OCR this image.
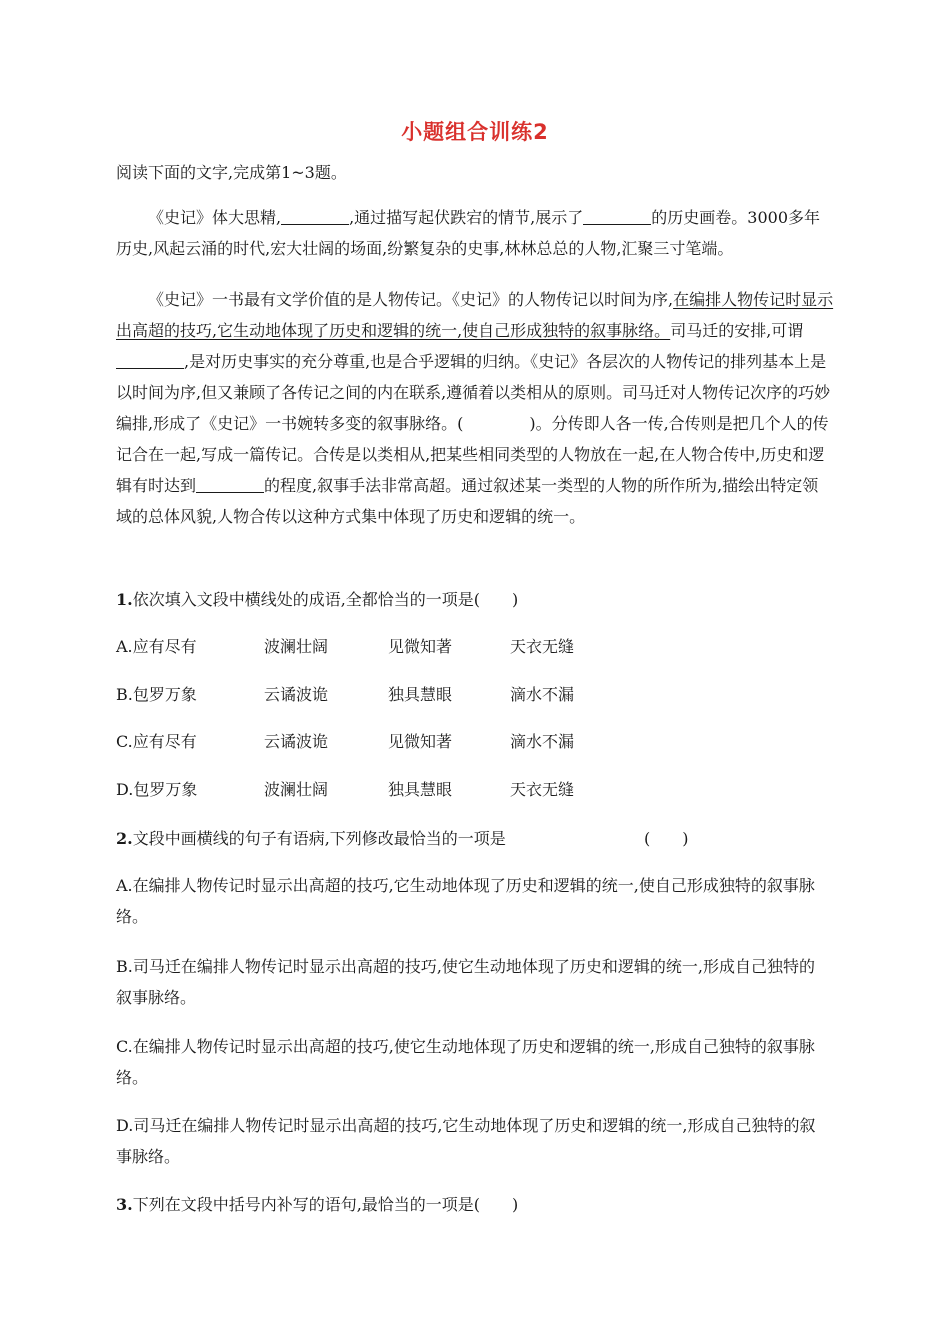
小题组合训练2

阅读下面的文字,完成第1~3题。

《史记》体大思精,	,通过描写起伏跌宕的情节,展示了	的历史画卷。3000多年历史,风起云涌的时代,宏大壮阔的场面,纷繁复杂的史事,林林总总的人物,汇聚三寸笔端。

《史记》一书最有文学价值的是人物传记。《史记》的人物传记以时间为序,在编排人物传记时显示出高超的技巧,它生动地体现了历史和逻辑的统一,使自己形成独特的叙事脉络。司马迁的安排,可谓,是对历史事实的充分尊重,也是合乎逻辑的归纳。《史记》各层次的人物传记的排列基本上是以时间为序,但又兼顾了各传记之间的内在联系,遵循着以类相从的原则。司马迁对人物传记次序的巧妙编排,形成了《史记》一书婉转多变的叙事脉络。(	)。分传即人各一传,合传则是把几个人的传记合在一起,写成一篇传记。合传是以类相从,把某些相同类型的人物放在一起,在人物合传中,历史和逻辑有时达到	的程度,叙事手法非常高超。通过叙述某一类型的人物的所作所为,描绘出特定领域的总体风貌,人物合传以这种方式集中体现了历史和逻辑的统一。

1.依次填入文段中横线处的成语,全都恰当的一项是(　　)

A.应有尽有	波澜壮阔	见微知著	天衣无缝
B.包罗万象	云谲波诡	独具慧眼	滴水不漏
C.应有尽有	云谲波诡	见微知著	滴水不漏
D.包罗万象	波澜壮阔	独具慧眼	天衣无缝

2.文段中画横线的句子有语病,下列修改最恰当的一项是	(　　)

A.在编排人物传记时显示出高超的技巧,它生动地体现了历史和逻辑的统一,使自己形成独特的叙事脉络。

B.司马迁在编排人物传记时显示出高超的技巧,使它生动地体现了历史和逻辑的统一,形成自己独特的叙事脉络。

C.在编排人物传记时显示出高超的技巧,使它生动地体现了历史和逻辑的统一,形成自己独特的叙事脉络。

D.司马迁在编排人物传记时显示出高超的技巧,它生动地体现了历史和逻辑的统一,形成自己独特的叙事脉络。

3.下列在文段中括号内补写的语句,最恰当的一项是(　　)
